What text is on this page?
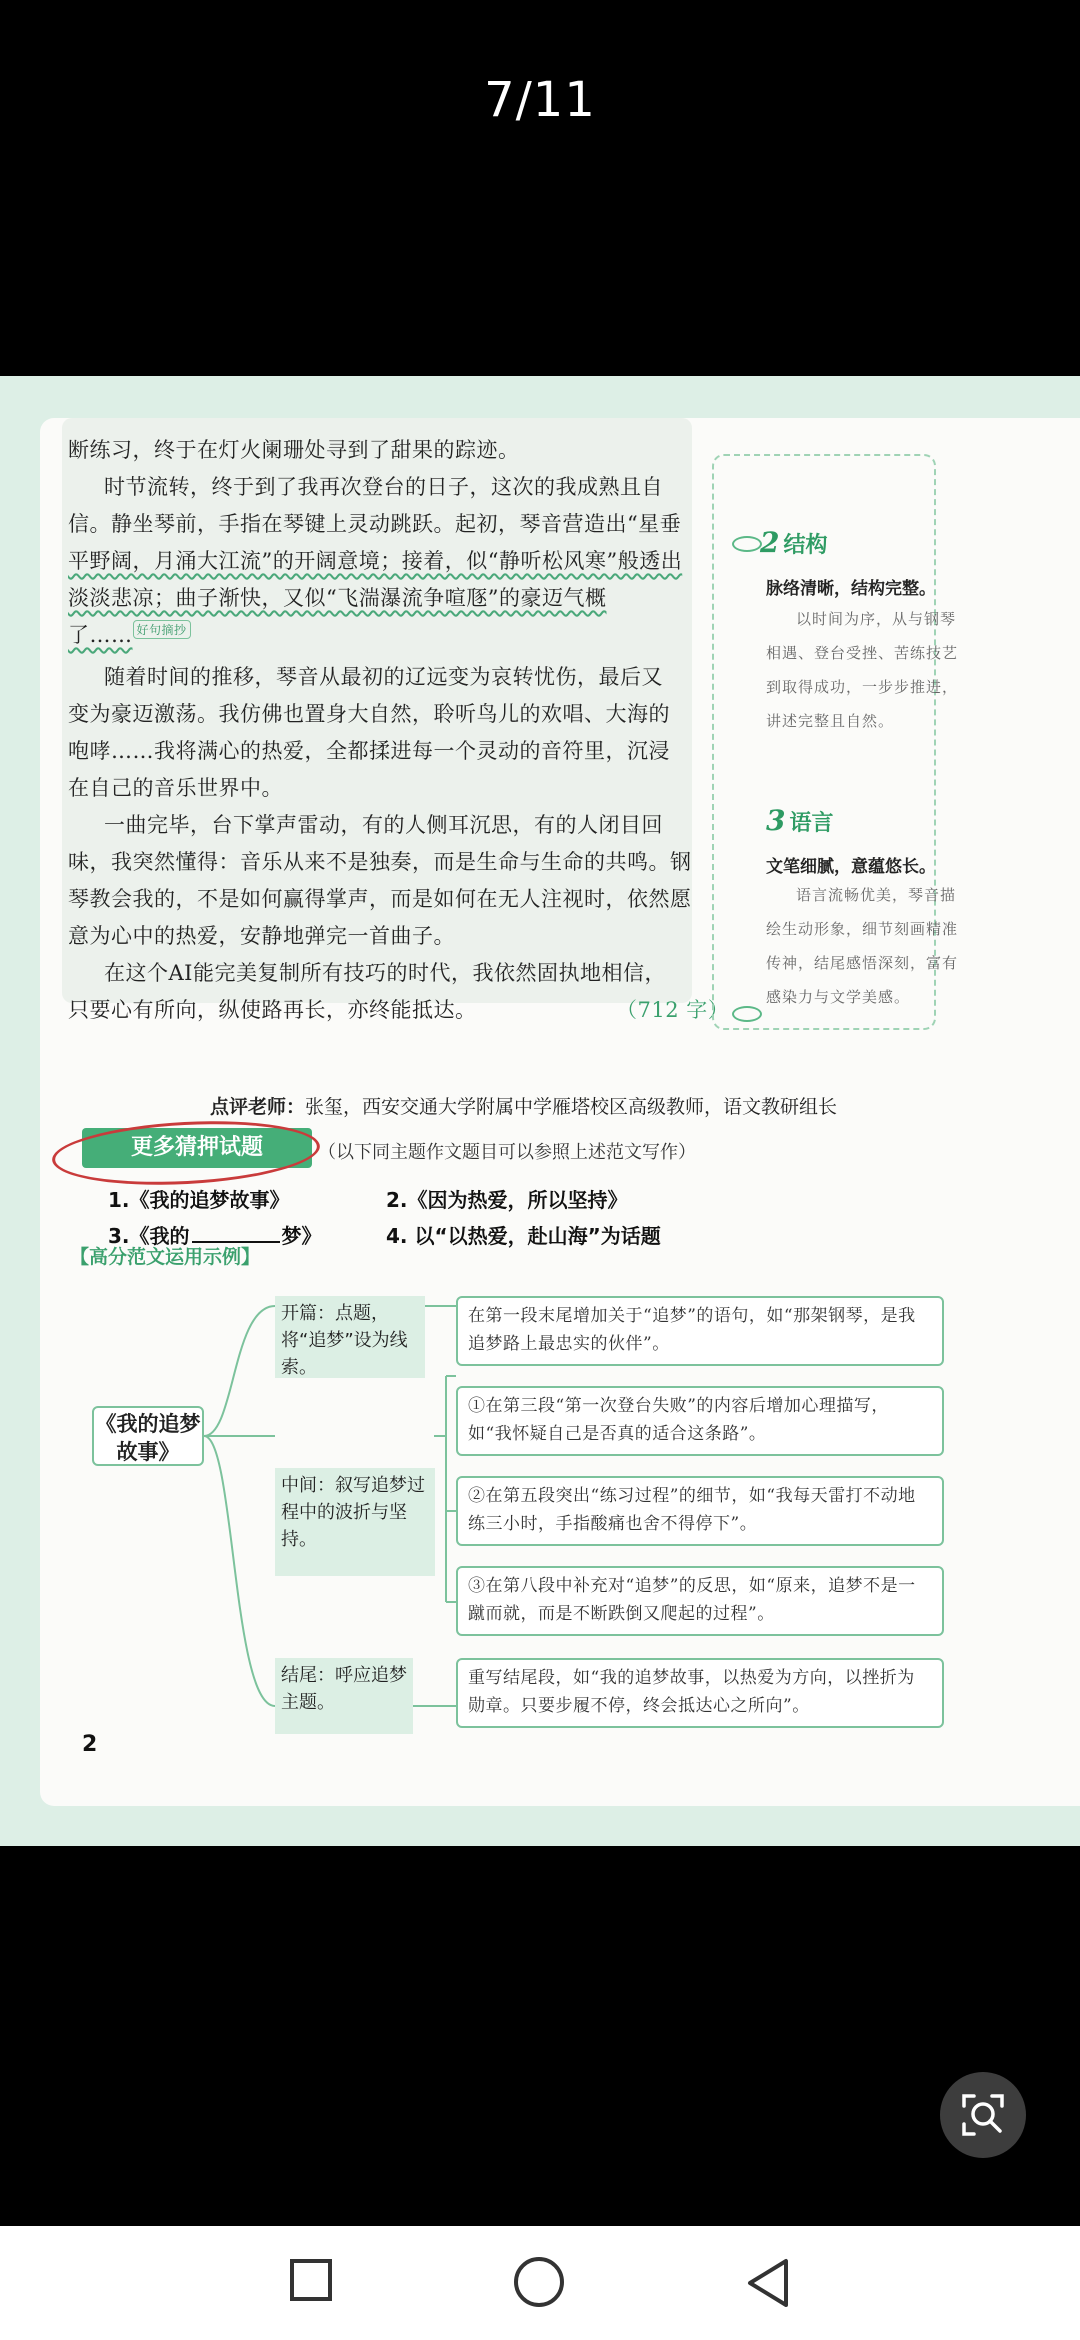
7/11
断练习，终于在灯火阑珊处寻到了甜果的踪迹。
时节流转，终于到了我再次登台的日子，这次的我成熟且自
信。静坐琴前，手指在琴键上灵动跳跃。起初，琴音营造出“星垂
平野阔，月涌大江流”的开阔意境；接着，似“静听松风寒”般透出
淡淡悲凉；曲子渐快，又似“飞湍瀑流争喧豗”的豪迈气概
了…… 好句摘抄
随着时间的推移，琴音从最初的辽远变为哀转忧伤，最后又
变为豪迈激荡。我仿佛也置身大自然，聆听鸟儿的欢唱、大海的
咆哮……我将满心的热爱，全都揉进每一个灵动的音符里，沉浸
在自己的音乐世界中。
一曲完毕，台下掌声雷动，有的人侧耳沉思，有的人闭目回
味，我突然懂得：音乐从来不是独奏，而是生命与生命的共鸣。钢
琴教会我的，不是如何赢得掌声，而是如何在无人注视时，依然愿
意为心中的热爱，安静地弹完一首曲子。
在这个AI能完美复制所有技巧的时代，我依然固执地相信，
只要心有所向，纵使路再长，亦终能抵达。	（712 字）
2 结构
脉络清晰，结构完整。
以时间为序，从与钢琴相遇、登台受挫、苦练技艺到取得成功，一步步推进，讲述完整且自然。
3 语言
文笔细腻，意蕴悠长。
语言流畅优美，琴音描绘生动形象，细节刻画精准传神，结尾感悟深刻，富有感染力与文学美感。
点评老师：张玺，西安交通大学附属中学雁塔校区高级教师，语文教研组长
更多猜押试题	（以下同主题作文题目可以参照上述范文写作）
1.《我的追梦故事》	2.《因为热爱，所以坚持》
3.《我的	梦》	4. 以“以热爱，赴山海”为话题
【高分范文运用示例】
《我的追梦故事》
开篇：点题，将“追梦”设为线索。
中间：叙写追梦过程中的波折与坚持。
结尾：呼应追梦主题。
在第一段末尾增加关于“追梦”的语句，如“那架钢琴，是我追梦路上最忠实的伙伴”。
①在第三段“第一次登台失败”的内容后增加心理描写，如“我怀疑自己是否真的适合这条路”。
②在第五段突出“练习过程”的细节，如“我每天雷打不动地练三小时，手指酸痛也舍不得停下”。
③在第八段中补充对“追梦”的反思，如“原来，追梦不是一蹴而就，而是不断跌倒又爬起的过程”。
重写结尾段，如“我的追梦故事，以热爱为方向，以挫折为勋章。只要步履不停，终会抵达心之所向”。
2
